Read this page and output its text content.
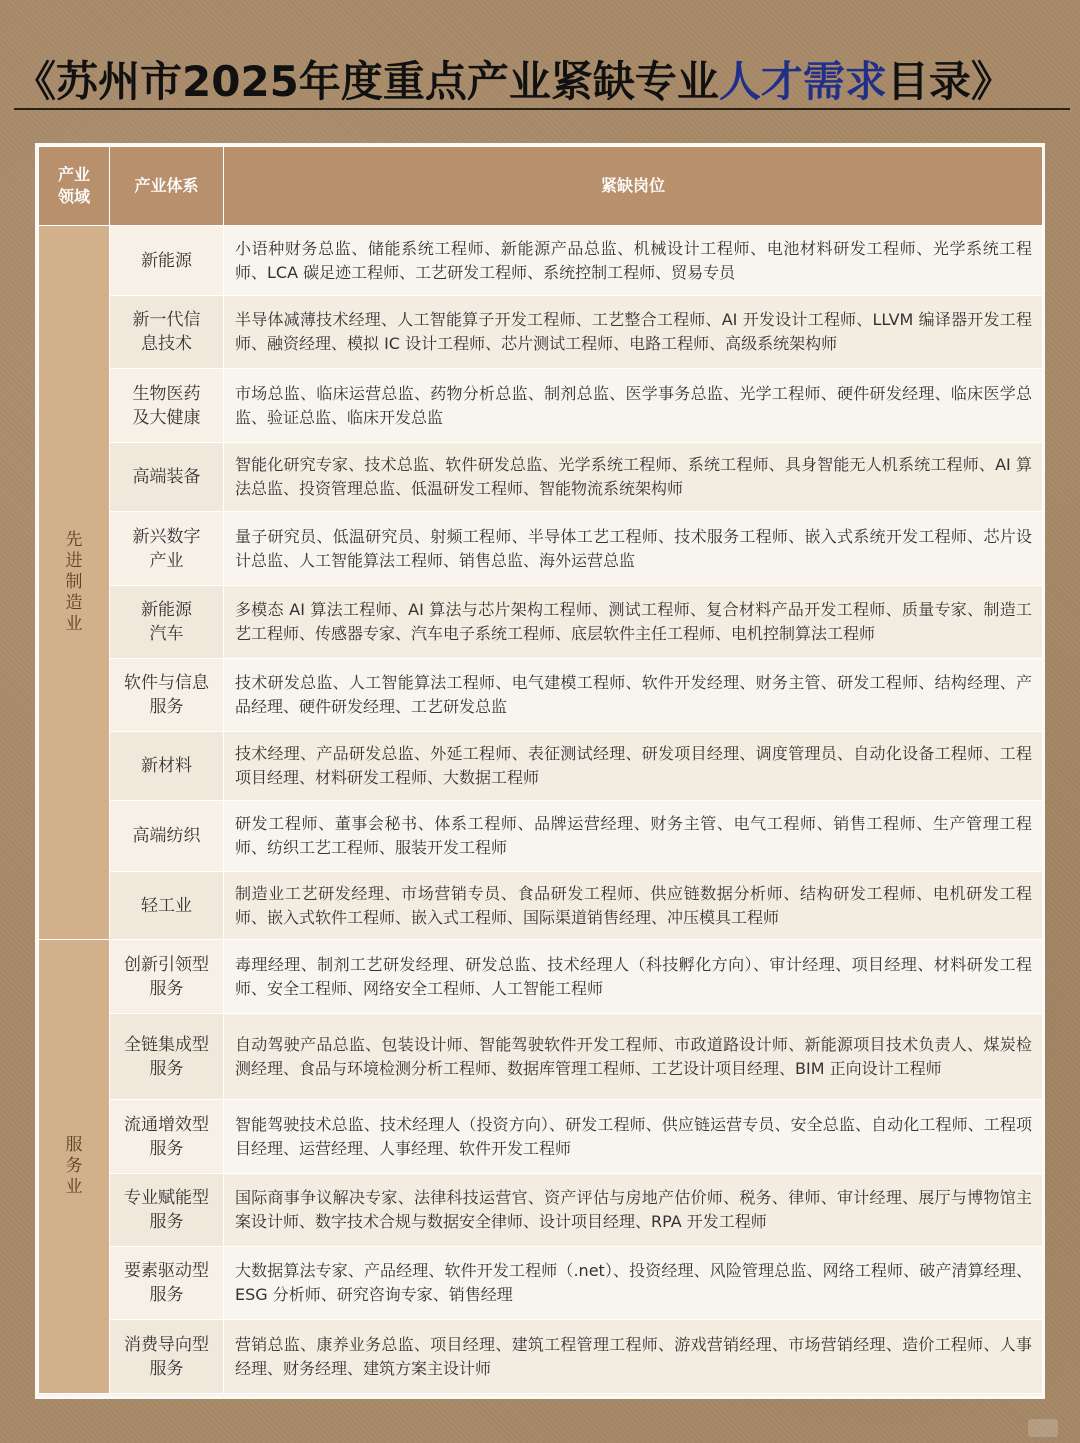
《苏州市2025年度重点产业紧缺专业人才需求目录》
产业领域	产业体系	紧缺岗位
先进制造业	新能源	小语种财务总监、储能系统工程师、新能源产品总监、机械设计工程师、电池材料研发工程师、光学系统工程师、LCA 碳足迹工程师、工艺研发工程师、系统控制工程师、贸易专员
	新一代信息技术	半导体减薄技术经理、人工智能算子开发工程师、工艺整合工程师、AI 开发设计工程师、LLVM 编译器开发工程师、融资经理、模拟 IC 设计工程师、芯片测试工程师、电路工程师、高级系统架构师
	生物医药及大健康	市场总监、临床运营总监、药物分析总监、制剂总监、医学事务总监、光学工程师、硬件研发经理、临床医学总监、验证总监、临床开发总监
	高端装备	智能化研究专家、技术总监、软件研发总监、光学系统工程师、系统工程师、具身智能无人机系统工程师、AI 算法总监、投资管理总监、低温研发工程师、智能物流系统架构师
	新兴数字产业	量子研究员、低温研究员、射频工程师、半导体工艺工程师、技术服务工程师、嵌入式系统开发工程师、芯片设计总监、人工智能算法工程师、销售总监、海外运营总监
	新能源汽车	多模态 AI 算法工程师、AI 算法与芯片架构工程师、测试工程师、复合材料产品开发工程师、质量专家、制造工艺工程师、传感器专家、汽车电子系统工程师、底层软件主任工程师、电机控制算法工程师
	软件与信息服务	技术研发总监、人工智能算法工程师、电气建模工程师、软件开发经理、财务主管、研发工程师、结构经理、产品经理、硬件研发经理、工艺研发总监
	新材料	技术经理、产品研发总监、外延工程师、表征测试经理、研发项目经理、调度管理员、自动化设备工程师、工程项目经理、材料研发工程师、大数据工程师
	高端纺织	研发工程师、董事会秘书、体系工程师、品牌运营经理、财务主管、电气工程师、销售工程师、生产管理工程师、纺织工艺工程师、服装开发工程师
	轻工业	制造业工艺研发经理、市场营销专员、食品研发工程师、供应链数据分析师、结构研发工程师、电机研发工程师、嵌入式软件工程师、嵌入式工程师、国际渠道销售经理、冲压模具工程师
服务业	创新引领型服务	毒理经理、制剂工艺研发经理、研发总监、技术经理人（科技孵化方向）、审计经理、项目经理、材料研发工程师、安全工程师、网络安全工程师、人工智能工程师
	全链集成型服务	自动驾驶产品总监、包装设计师、智能驾驶软件开发工程师、市政道路设计师、新能源项目技术负责人、煤炭检测经理、食品与环境检测分析工程师、数据库管理工程师、工艺设计项目经理、BIM 正向设计工程师
	流通增效型服务	智能驾驶技术总监、技术经理人（投资方向）、研发工程师、供应链运营专员、安全总监、自动化工程师、工程项目经理、运营经理、人事经理、软件开发工程师
	专业赋能型服务	国际商事争议解决专家、法律科技运营官、资产评估与房地产估价师、税务、律师、审计经理、展厅与博物馆主案设计师、数字技术合规与数据安全律师、设计项目经理、RPA 开发工程师
	要素驱动型服务	大数据算法专家、产品经理、软件开发工程师（.net）、投资经理、风险管理总监、网络工程师、破产清算经理、ESG 分析师、研究咨询专家、销售经理
	消费导向型服务	营销总监、康养业务总监、项目经理、建筑工程管理工程师、游戏营销经理、市场营销经理、造价工程师、人事经理、财务经理、建筑方案主设计师
